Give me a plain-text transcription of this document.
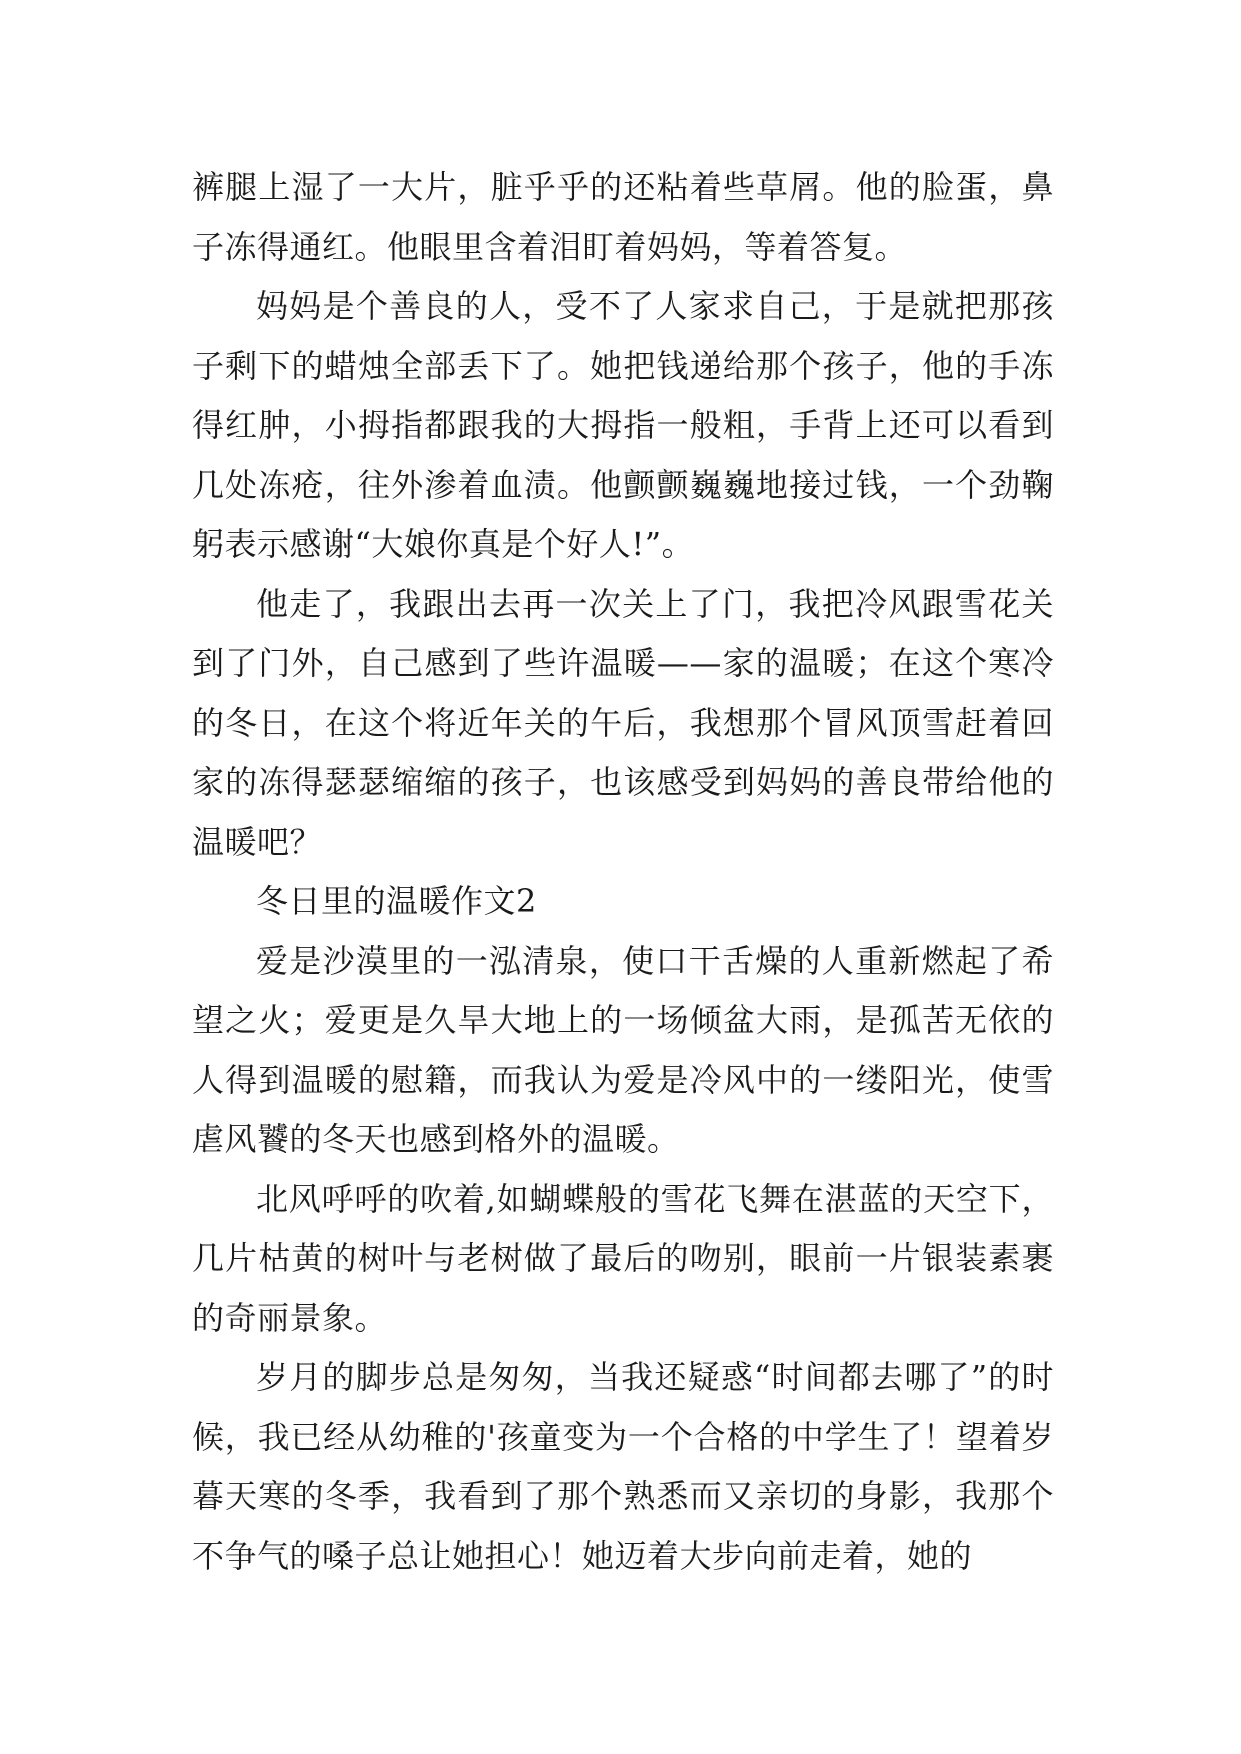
裤腿上湿了一大片，脏乎乎的还粘着些草屑。他的脸蛋，鼻子冻得通红。他眼里含着泪盯着妈妈，等着答复。

妈妈是个善良的人，受不了人家求自己，于是就把那孩子剩下的蜡烛全部丢下了。她把钱递给那个孩子，他的手冻得红肿，小拇指都跟我的大拇指一般粗，手背上还可以看到几处冻疮，往外渗着血渍。他颤颤巍巍地接过钱，一个劲鞠躬表示感谢“大娘你真是个好人!”。

他走了，我跟出去再一次关上了门，我把冷风跟雪花关到了门外，自己感到了些许温暖——家的温暖；在这个寒冷的冬日，在这个将近年关的午后，我想那个冒风顶雪赶着回家的冻得瑟瑟缩缩的孩子，也该感受到妈妈的善良带给他的温暖吧？

冬日里的温暖作文2

爱是沙漠里的一泓清泉，使口干舌燥的人重新燃起了希望之火；爱更是久旱大地上的一场倾盆大雨，是孤苦无依的人得到温暖的慰籍，而我认为爱是冷风中的一缕阳光，使雪虐风饕的冬天也感到格外的温暖。

北风呼呼的吹着,如蝴蝶般的雪花飞舞在湛蓝的天空下，几片枯黄的树叶与老树做了最后的吻别，眼前一片银装素裹的奇丽景象。

岁月的脚步总是匆匆，当我还疑惑“时间都去哪了”的时候，我已经从幼稚的'孩童变为一个合格的中学生了！望着岁暮天寒的冬季，我看到了那个熟悉而又亲切的身影，我那个不争气的嗓子总让她担心！她迈着大步向前走着，她的
